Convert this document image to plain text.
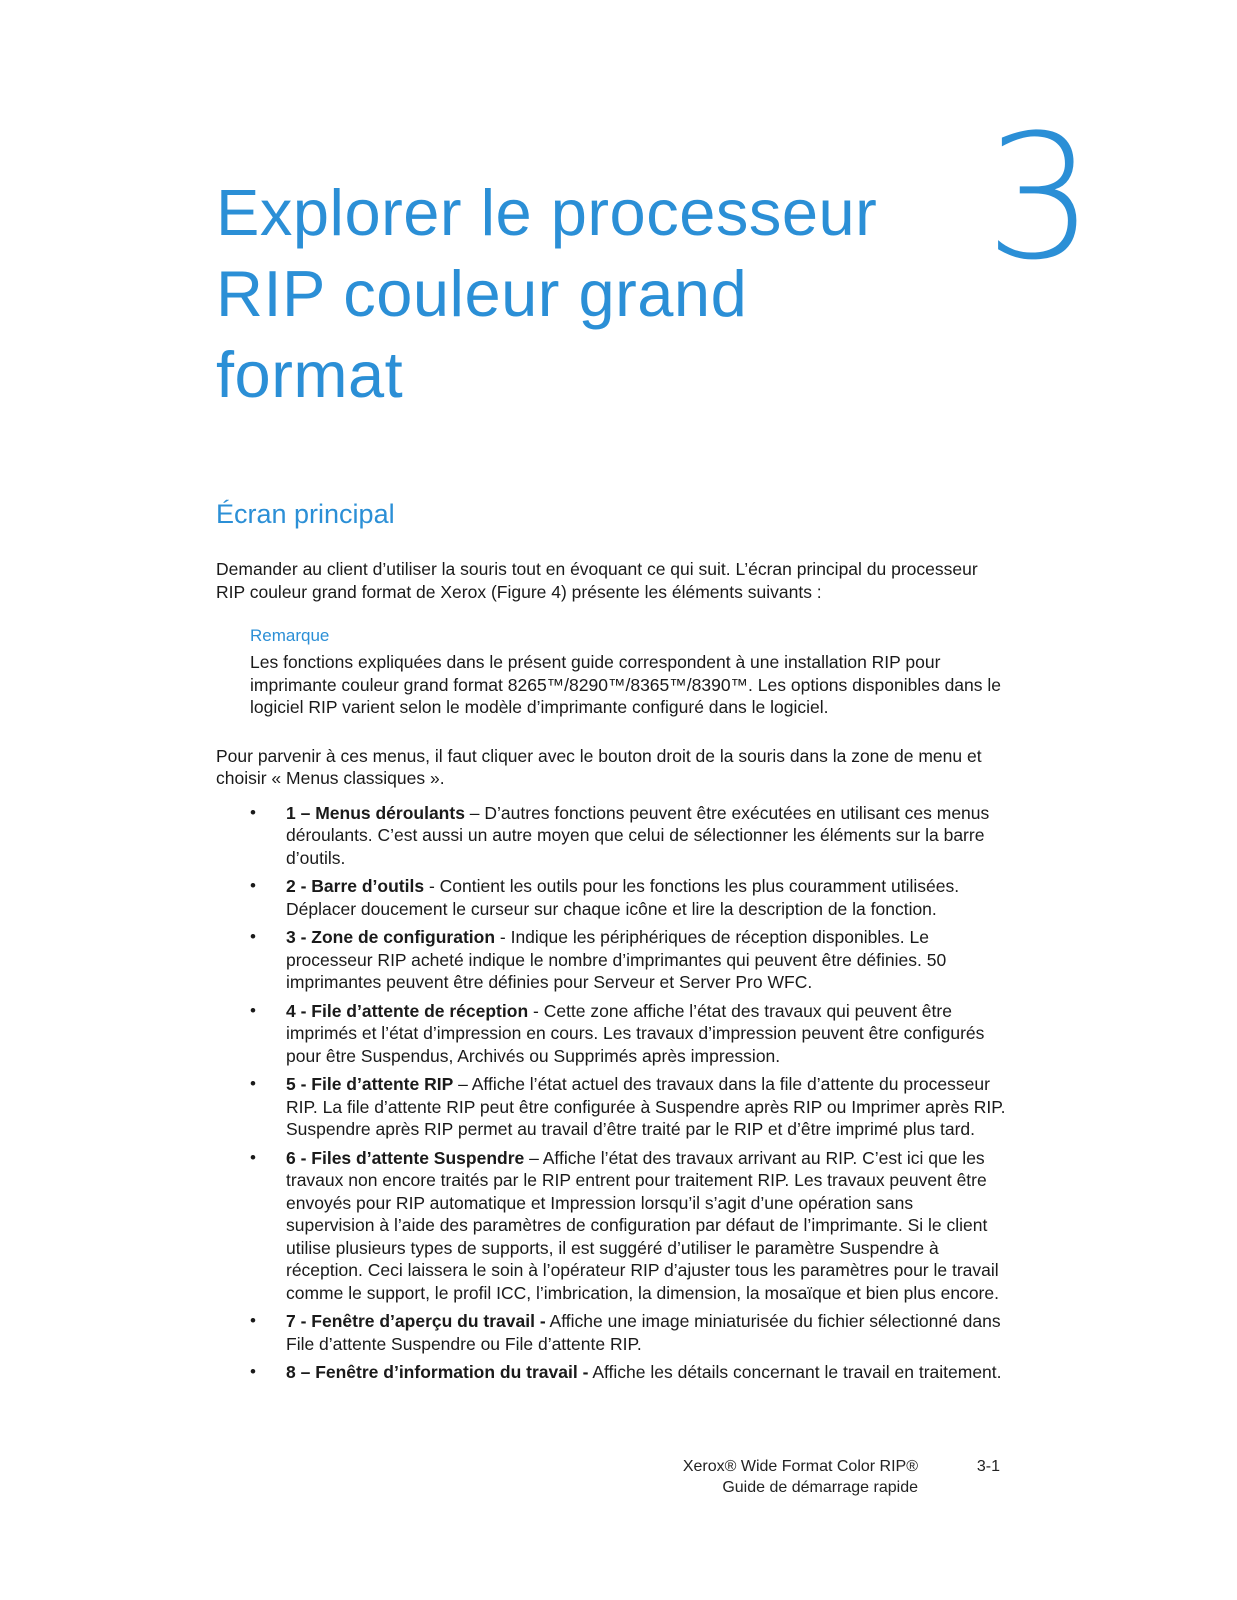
3
Explorer le processeur
RIP couleur grand
format
Écran principal

Demander au client d’utiliser la souris tout en évoquant ce qui suit. L’écran principal du processeur RIP couleur grand format de Xerox (Figure 4) présente les éléments suivants :

Remarque

Les fonctions expliquées dans le présent guide correspondent à une installation RIP pour imprimante couleur grand format 8265™/8290™/8365™/8390™. Les options disponibles dans le logiciel RIP varient selon le modèle d’imprimante configuré dans le logiciel.

Pour parvenir à ces menus, il faut cliquer avec le bouton droit de la souris dans la zone de menu et choisir « Menus classiques ».

• 1 – Menus déroulants – D’autres fonctions peuvent être exécutées en utilisant ces menus déroulants. C’est aussi un autre moyen que celui de sélectionner les éléments sur la barre d’outils.
• 2 - Barre d’outils - Contient les outils pour les fonctions les plus couramment utilisées. Déplacer doucement le curseur sur chaque icône et lire la description de la fonction.
• 3 - Zone de configuration - Indique les périphériques de réception disponibles. Le processeur RIP acheté indique le nombre d’imprimantes qui peuvent être définies. 50 imprimantes peuvent être définies pour Serveur et Server Pro WFC.
• 4 - File d’attente de réception - Cette zone affiche l’état des travaux qui peuvent être imprimés et l’état d’impression en cours. Les travaux d’impression peuvent être configurés pour être Suspendus, Archivés ou Supprimés après impression.
• 5 - File d’attente RIP – Affiche l’état actuel des travaux dans la file d’attente du processeur RIP. La file d’attente RIP peut être configurée à Suspendre après RIP ou Imprimer après RIP. Suspendre après RIP permet au travail d’être traité par le RIP et d’être imprimé plus tard.
• 6 - Files d’attente Suspendre – Affiche l’état des travaux arrivant au RIP. C’est ici que les travaux non encore traités par le RIP entrent pour traitement RIP. Les travaux peuvent être envoyés pour RIP automatique et Impression lorsqu’il s’agit d’une opération sans supervision à l’aide des paramètres de configuration par défaut de l’imprimante. Si le client utilise plusieurs types de supports, il est suggéré d’utiliser le paramètre Suspendre à réception. Ceci laissera le soin à l’opérateur RIP d’ajuster tous les paramètres pour le travail comme le support, le profil ICC, l’imbrication, la dimension, la mosaïque et bien plus encore.
• 7 - Fenêtre d’aperçu du travail - Affiche une image miniaturisée du fichier sélectionné dans File d’attente Suspendre ou File d’attente RIP.
• 8 – Fenêtre d’information du travail - Affiche les détails concernant le travail en traitement.
Xerox® Wide Format Color RIP®
Guide de démarrage rapide
3-1
